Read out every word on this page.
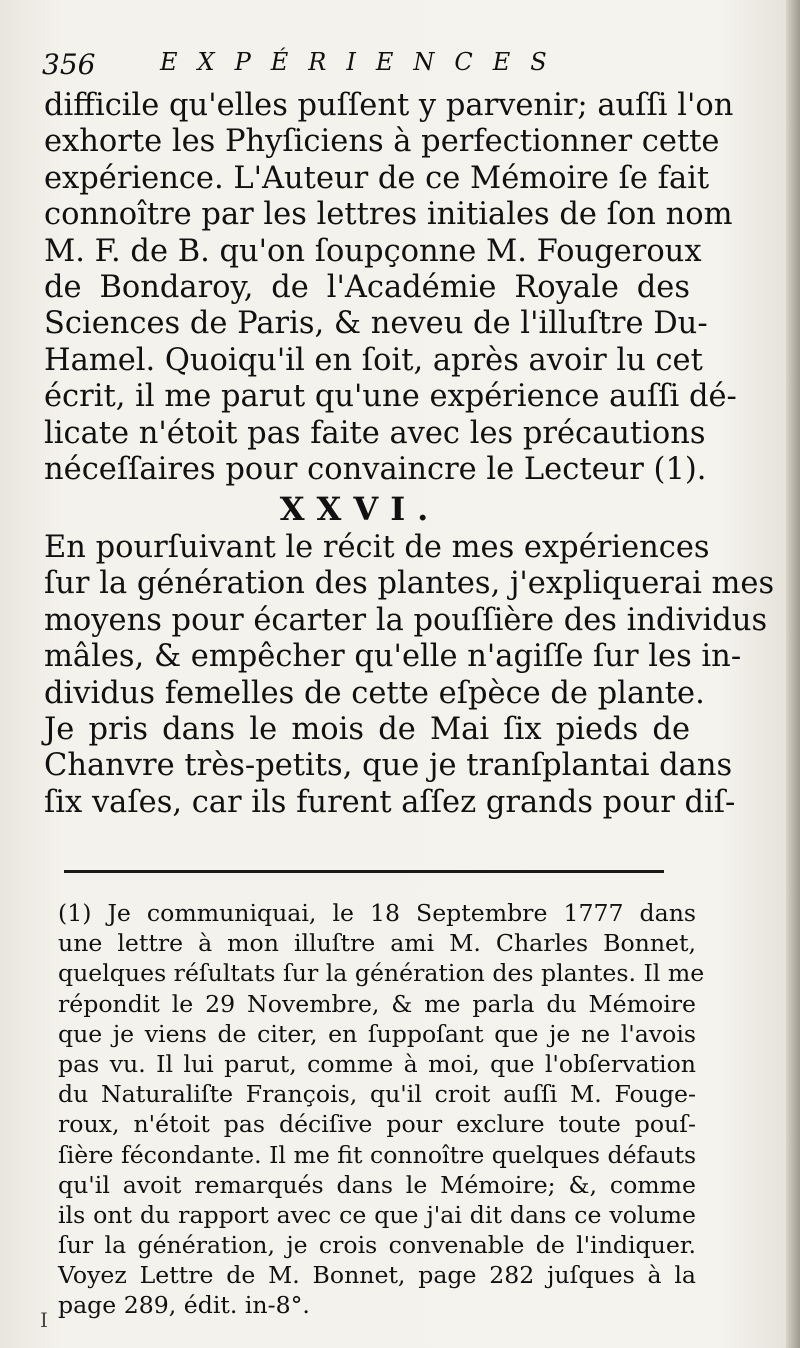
356	EXPÉRIENCES
difficile qu'elles puſſent y parvenir; auſſi l'on
exhorte les Phyſiciens à perfectionner cette
expérience. L'Auteur de ce Mémoire ſe fait
connoître par les lettres initiales de ſon nom
M. F. de B. qu'on ſoupçonne M. Fougeroux
de Bondaroy, de l'Académie Royale des
Sciences de Paris, & neveu de l'illuſtre Du-
Hamel. Quoiqu'il en ſoit, après avoir lu cet
écrit, il me parut qu'une expérience auſſi dé-
licate n'étoit pas faite avec les précautions
néceſſaires pour convaincre le Lecteur (1).
XXVI.
En pourſuivant le récit de mes expériences
ſur la génération des plantes, j'expliquerai mes
moyens pour écarter la pouſſière des individus
mâles, & empêcher qu'elle n'agiſſe ſur les in-
dividus femelles de cette eſpèce de plante.
Je pris dans le mois de Mai ſix pieds de
Chanvre très-petits, que je tranſplantai dans
ſix vaſes, car ils furent aſſez grands pour diſ-
(1) Je communiquai, le 18 Septembre 1777 dans
une lettre à mon illuſtre ami M. Charles Bonnet,
quelques réſultats ſur la génération des plantes. Il me
répondit le 29 Novembre, & me parla du Mémoire
que je viens de citer, en ſuppoſant que je ne l'avois
pas vu. Il lui parut, comme à moi, que l'obſervation
du Naturaliſte François, qu'il croit auſſi M. Fouge-
roux, n'étoit pas déciſive pour exclure toute pouſ-
ſière fécondante. Il me fit connoître quelques défauts
qu'il avoit remarqués dans le Mémoire; &, comme
ils ont du rapport avec ce que j'ai dit dans ce volume
ſur la génération, je crois convenable de l'indiquer.
Voyez Lettre de M. Bonnet, page 282 juſques à la
page 289, édit. in-8°.
I
